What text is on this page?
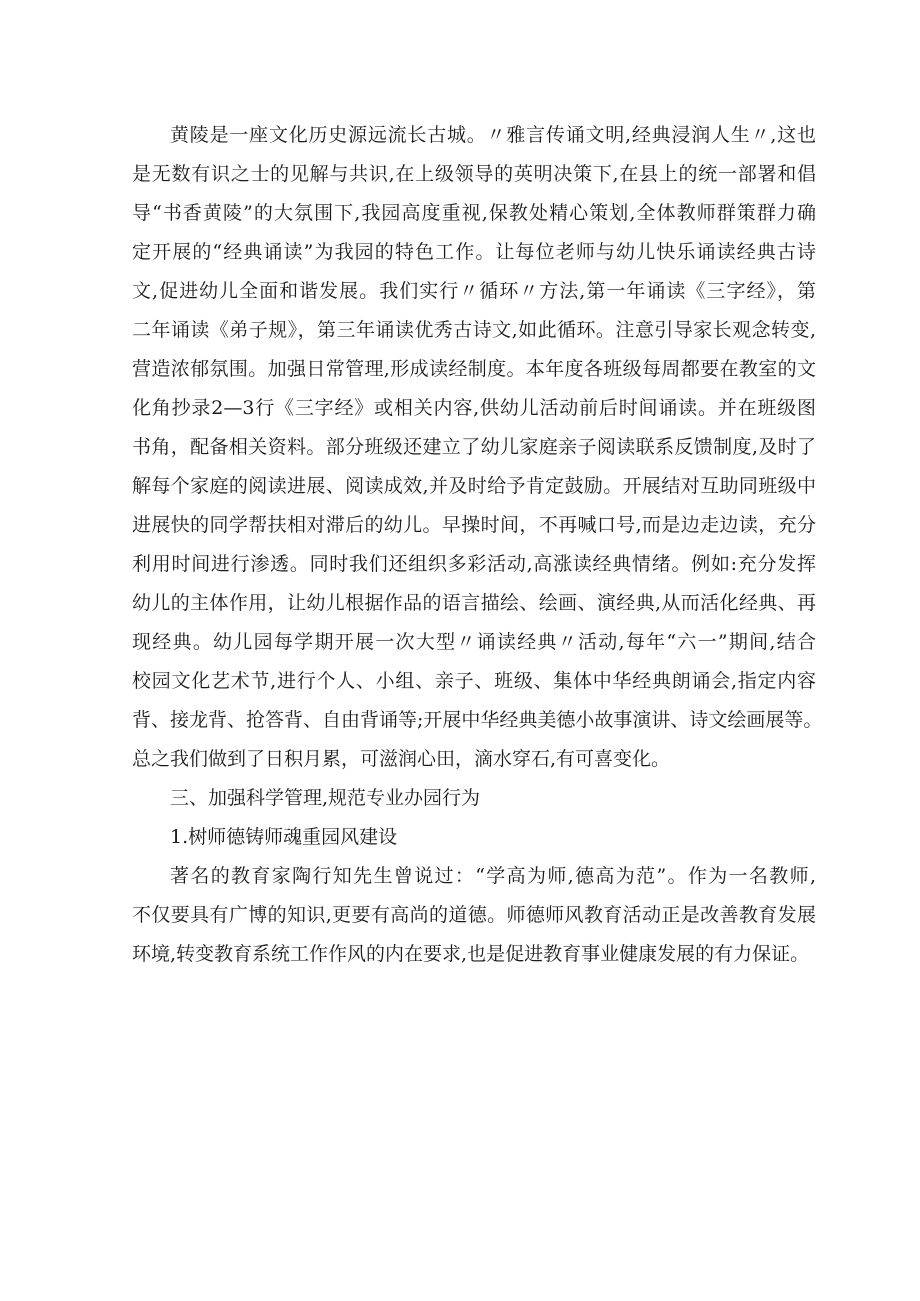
黄陵是一座文化历史源远流长古城。〃雅言传诵文明,经典浸润人生〃,这也
是无数有识之士的见解与共识,在上级领导的英明决策下,在县上的统一部署和倡
导“书香黄陵”的大氛围下,我园高度重视,保教处精心策划,全体教师群策群力确
定开展的“经典诵读”为我园的特色工作。让每位老师与幼儿快乐诵读经典古诗
文,促进幼儿全面和谐发展。我们实行〃循环〃方法,第一年诵读《三字经》，第
二年诵读《弟子规》，第三年诵读优秀古诗文,如此循环。注意引导家长观念转变,
营造浓郁氛围。加强日常管理,形成读经制度。本年度各班级每周都要在教室的文
化角抄录2—3行《三字经》或相关内容,供幼儿活动前后时间诵读。并在班级图
书角，配备相关资料。部分班级还建立了幼儿家庭亲子阅读联系反馈制度,及时了
解每个家庭的阅读进展、阅读成效,并及时给予肯定鼓励。开展结对互助同班级中
进展快的同学帮扶相对滞后的幼儿。早操时间，不再喊口号,而是边走边读，充分
利用时间进行渗透。同时我们还组织多彩活动,高涨读经典情绪。例如:充分发挥
幼儿的主体作用，让幼儿根据作品的语言描绘、绘画、演经典,从而活化经典、再
现经典。幼儿园每学期开展一次大型〃诵读经典〃活动,每年“六一”期间,结合
校园文化艺术节,进行个人、小组、亲子、班级、集体中华经典朗诵会,指定内容
背、接龙背、抢答背、自由背诵等;开展中华经典美德小故事演讲、诗文绘画展等。
总之我们做到了日积月累，可滋润心田，滴水穿石,有可喜变化。
三、加强科学管理,规范专业办园行为
1.树师德铸师魂重园风建设
著名的教育家陶行知先生曾说过：“学高为师,德高为范”。作为一名教师,
不仅要具有广博的知识,更要有高尚的道德。师德师风教育活动正是改善教育发展
环境,转变教育系统工作作风的内在要求,也是促进教育事业健康发展的有力保证。
